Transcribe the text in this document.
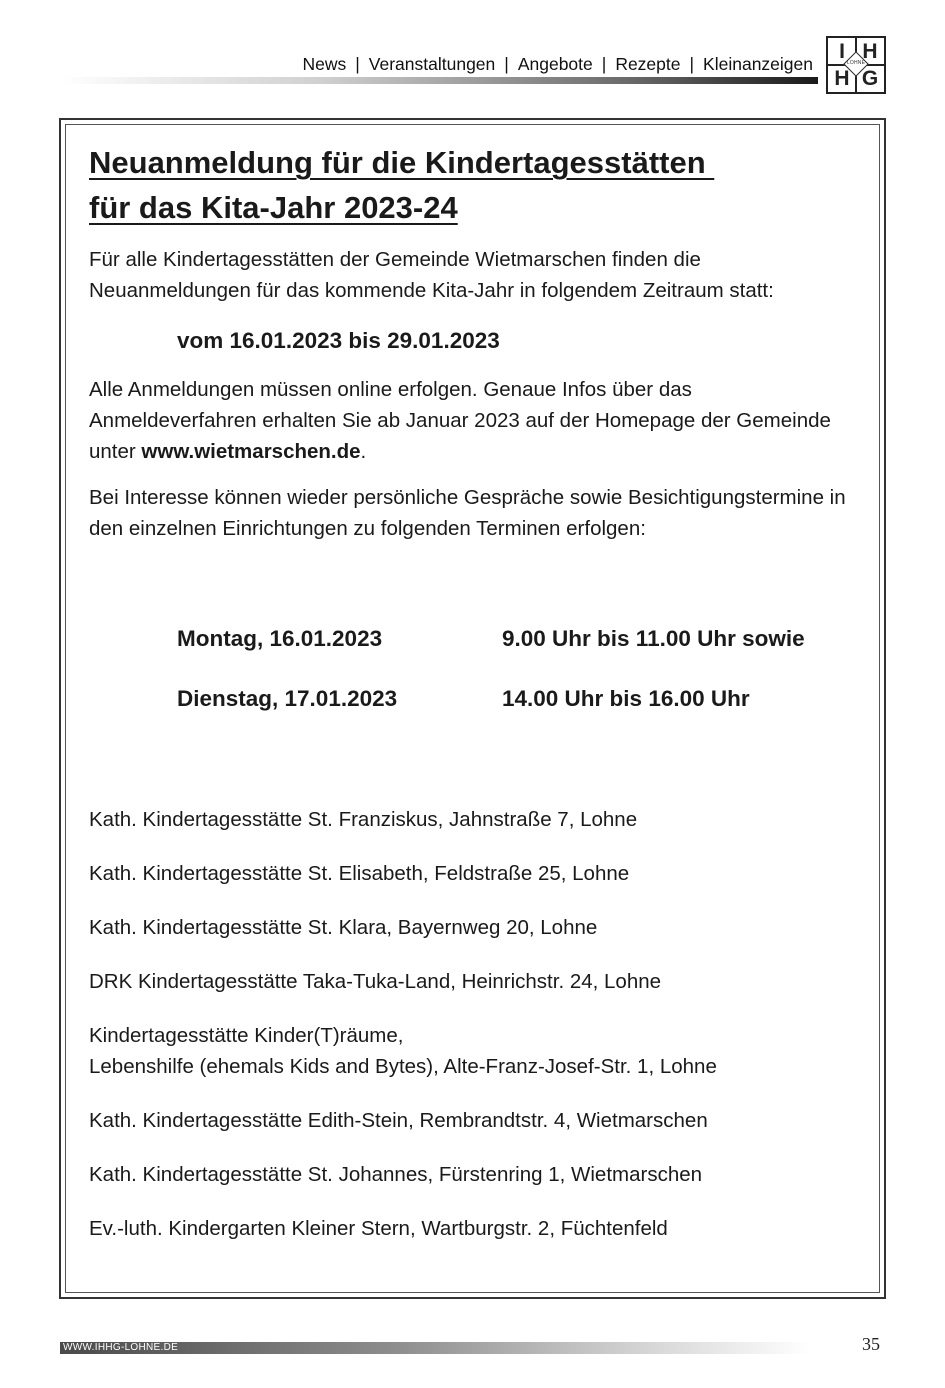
News | Veranstaltungen | Angebote | Rezepte | Kleinanzeigen
I H
H G
LOHNE
Neuanmeldung für die Kindertagesstätten
für das Kita-Jahr 2023-24

Für alle Kindertagesstätten der Gemeinde Wietmarschen finden die Neuanmeldungen für das kommende Kita-Jahr in folgendem Zeitraum statt:

vom 16.01.2023 bis 29.01.2023

Alle Anmeldungen müssen online erfolgen. Genaue Infos über das Anmeldeverfahren erhalten Sie ab Januar 2023 auf der Homepage der Gemeinde unter www.wietmarschen.de.

Bei Interesse können wieder persönliche Gespräche sowie Besichtigungstermine in den einzelnen Einrichtungen zu folgenden Terminen erfolgen:

Montag, 16.01.2023	9.00 Uhr bis 11.00 Uhr sowie
Dienstag, 17.01.2023	14.00 Uhr bis 16.00 Uhr

Kath. Kindertagesstätte St. Franziskus, Jahnstraße 7, Lohne

Kath. Kindertagesstätte St. Elisabeth, Feldstraße 25, Lohne

Kath. Kindertagesstätte St. Klara, Bayernweg 20, Lohne

DRK Kindertagesstätte Taka-Tuka-Land, Heinrichstr. 24, Lohne

Kindertagesstätte Kinder(T)räume,
Lebenshilfe (ehemals Kids and Bytes), Alte-Franz-Josef-Str. 1, Lohne

Kath. Kindertagesstätte Edith-Stein, Rembrandtstr. 4, Wietmarschen

Kath. Kindertagesstätte St. Johannes, Fürstenring 1, Wietmarschen

Ev.-luth. Kindergarten Kleiner Stern, Wartburgstr. 2, Füchtenfeld

WWW.IHHG-LOHNE.DE	35
